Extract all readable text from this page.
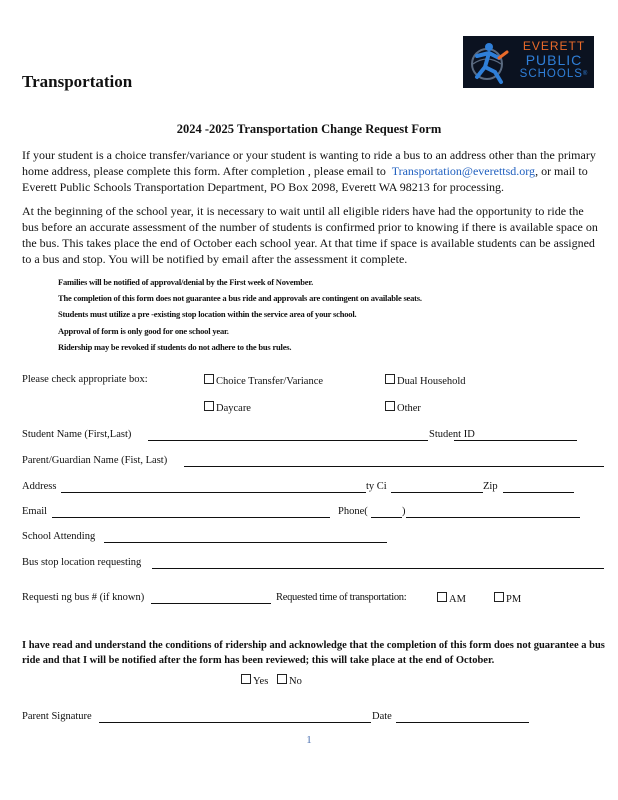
EVERETT
PUBLIC
SCHOOLS®
Transportation
2024 -2025 Transportation Change Request Form
If your student is a choice transfer/variance or your student is wanting to ride a bus to an address other than the primary home address, please complete this form. After completion , please email to Transportation@everettsd.org, or mail to Everett Public Schools Transportation Department, PO Box 2098, Everett WA 98213 for processing.
At the beginning of the school year, it is necessary to wait until all eligible riders have had the opportunity to ride the bus before an accurate assessment of the number of students is confirmed prior to knowing if there is available space on the bus. This takes place the end of October each school year. At that time if space is available students can be assigned to a bus and stop. You will be notified by email after the assessment it complete.
Families will be notified of approval/denial by the First week of November.
The completion of this form does not guarantee a bus ride and approvals are contingent on available seats.
Students must utilize a pre -existing stop location within the service area of your school.
Approval of form is only good for one school year.
Ridership may be revoked if students do not adhere to the bus rules.
Please check appropriate box:	Choice Transfer/Variance	Dual Household
Daycare	Other
Student Name (First,Last)	Student ID
Parent/Guardian Name (Fist, Last)
Address	ty Ci	Zip
Email	Phone(	)
School Attending
Bus stop location requesting
Requesti ng bus # (if known)	Requested time of transportation:	AM	PM
I have read and understand the conditions of ridership and acknowledge that the completion of this form does not guarantee a bus ride and that I will be notified after the form has been reviewed; this will take place at the end of October.
Yes	No
Parent Signature	Date
1
